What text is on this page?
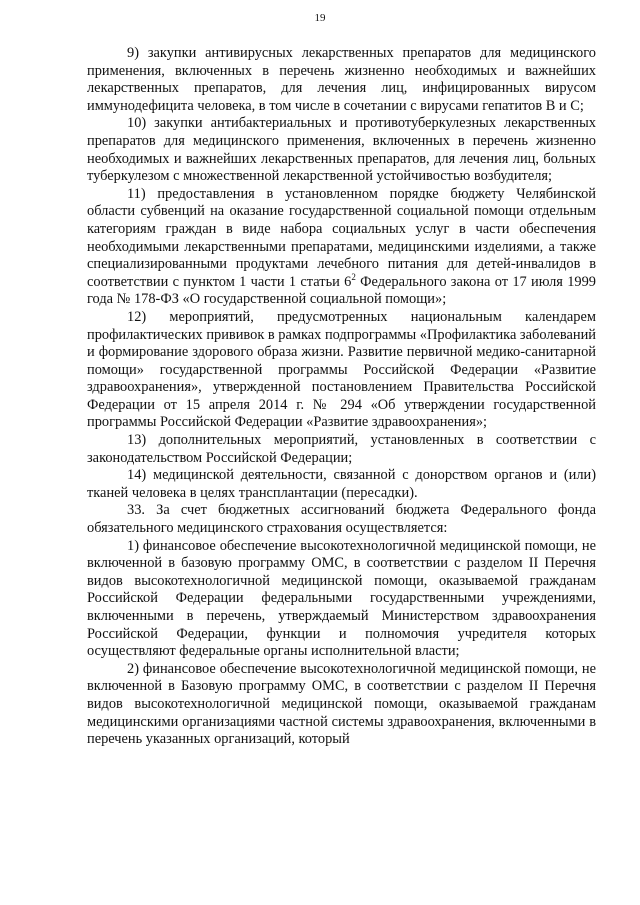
19

9) закупки антивирусных лекарственных препаратов для медицинского применения, включенных в перечень жизненно необходимых и важнейших лекарственных препаратов, для лечения лиц, инфицированных вирусом иммунодефицита человека, в том числе в сочетании с вирусами гепатитов B и C;

10) закупки антибактериальных и противотуберкулезных лекарственных препаратов для медицинского применения, включенных в перечень жизненно необходимых и важнейших лекарственных препаратов, для лечения лиц, больных туберкулезом с множественной лекарственной устойчивостью возбудителя;

11) предоставления в установленном порядке бюджету Челябинской области субвенций на оказание государственной социальной помощи отдельным категориям граждан в виде набора социальных услуг в части обеспечения необходимыми лекарственными препаратами, медицинскими изделиями, а также специализированными продуктами лечебного питания для детей-инвалидов в соответствии с пунктом 1 части 1 статьи $6^2$ Федерального закона от 17 июля 1999 года № 178-ФЗ «О государственной социальной помощи»;

12) мероприятий, предусмотренных национальным календарем профилактических прививок в рамках подпрограммы «Профилактика заболеваний и формирование здорового образа жизни. Развитие первичной медико-санитарной помощи» государственной программы Российской Федерации «Развитие здравоохранения», утвержденной постановлением Правительства Российской Федерации от 15 апреля 2014 г. № 294 «Об утверждении государственной программы Российской Федерации «Развитие здравоохранения»;

13) дополнительных мероприятий, установленных в соответствии с законодательством Российской Федерации;

14) медицинской деятельности, связанной с донорством органов и (или) тканей человека в целях трансплантации (пересадки).

33. За счет бюджетных ассигнований бюджета Федерального фонда обязательного медицинского страхования осуществляется:

1) финансовое обеспечение высокотехнологичной медицинской помощи, не включенной в базовую программу ОМС, в соответствии с разделом II Перечня видов высокотехнологичной медицинской помощи, оказываемой гражданам Российской Федерации федеральными государственными учреждениями, включенными в перечень, утверждаемый Министерством здравоохранения Российской Федерации, функции и полномочия учредителя которых осуществляют федеральные органы исполнительной власти;

2) финансовое обеспечение высокотехнологичной медицинской помощи, не включенной в Базовую программу ОМС, в соответствии с разделом II Перечня видов высокотехнологичной медицинской помощи, оказываемой гражданам медицинскими организациями частной системы здравоохранения, включенными в перечень указанных организаций, который
